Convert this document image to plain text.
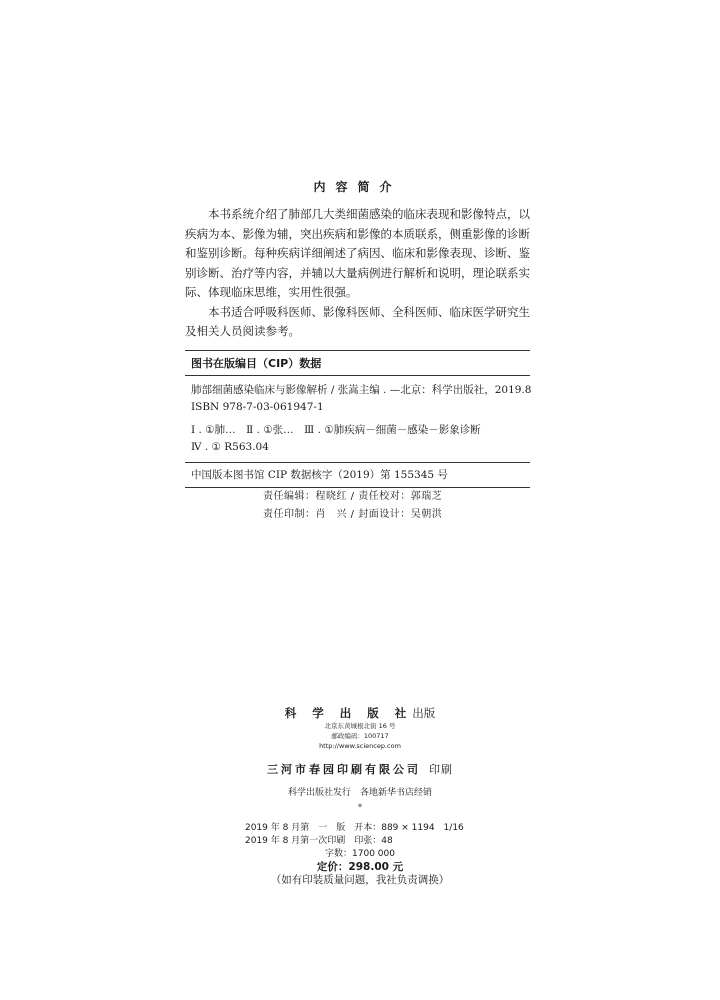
内容简介

本书系统介绍了肺部几大类细菌感染的临床表现和影像特点，以疾病为本、影像为辅，突出疾病和影像的本质联系，侧重影像的诊断和鉴别诊断。每种疾病详细阐述了病因、临床和影像表现、诊断、鉴别诊断、治疗等内容，并辅以大量病例进行解析和说明，理论联系实际、体现临床思维，实用性很强。

本书适合呼吸科医师、影像科医师、全科医师、临床医学研究生及相关人员阅读参考。

图书在版编目（CIP）数据
肺部细菌感染临床与影像解析 / 张嵩主编 . —北京：科学出版社，2019.8
ISBN 978-7-03-061947-1
Ⅰ . ①肺…　Ⅱ . ①张…　Ⅲ . ①肺疾病－细菌－感染－影象诊断
Ⅳ . ① R563.04
中国版本图书馆 CIP 数据核字（2019）第 155345 号
责任编辑：程晓红 / 责任校对：郭瑞芝
责任印制：肖　兴 / 封面设计：吴朝洪
科 学 出 版 社出版
北京东黄城根北街 16 号
邮政编码：100717
http://www.sciencep.com
三河市春园印刷有限公司 印刷
科学出版社发行　各地新华书店经销
*
2019 年 8 月第　一　版　开本：889 × 1194　1/16
2019 年 8 月第一次印刷　印张：48
字数：1700 000
定价：298.00 元
（如有印装质量问题，我社负责调换）
